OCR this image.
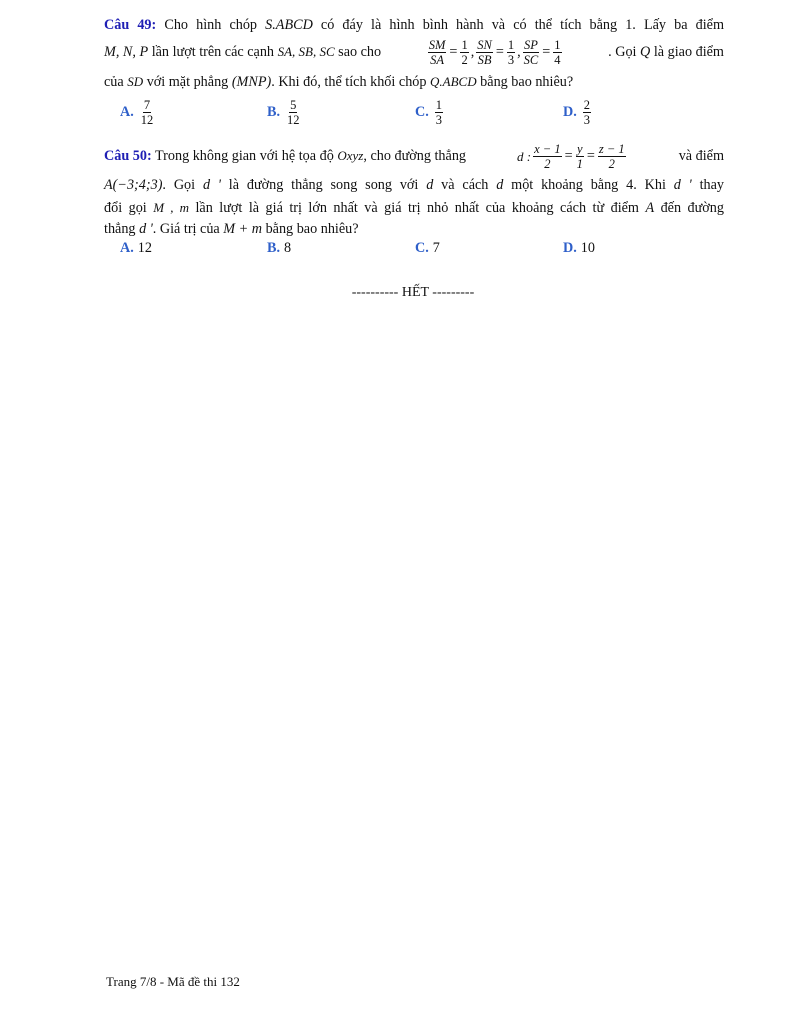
Câu 49: Cho hình chóp S.ABCD có đáy là hình bình hành và có thể tích bằng 1. Lấy ba điểm
M, N, P lần lượt trên các cạnh SA, SB, SC sao cho	$\frac{SM}{SA} = \frac{1}{2}$ , $\frac{SN}{SB} = \frac{1}{3}$ , $\frac{SP}{SC} = \frac{1}{4}$	. Gọi Q là giao điểm
của SD với mặt phẳng (MNP). Khi đó, thể tích khối chóp Q.ABCD bằng bao nhiêu?
A. $\frac{7}{12}$	B. $\frac{5}{12}$	C. $\frac{1}{3}$	D. $\frac{2}{3}$
Câu 50: Trong không gian với hệ tọa độ Oxyz, cho đường thẳng	d : $\frac{x - 1}{2} = \frac{y}{1} = \frac{z - 1}{2}$	và điểm
A(−3;4;3). Gọi d ' là đường thẳng song song với d và cách d một khoảng bằng 4. Khi d ' thay
đổi gọi M , m lần lượt là giá trị lớn nhất và giá trị nhỏ nhất của khoảng cách từ điểm A đến đường
thẳng d '. Giá trị của M + m bằng bao nhiêu?
A. 12	B. 8	C. 7	D. 10
---------- HẾT ---------
Trang 7/8 - Mã đề thi 132
